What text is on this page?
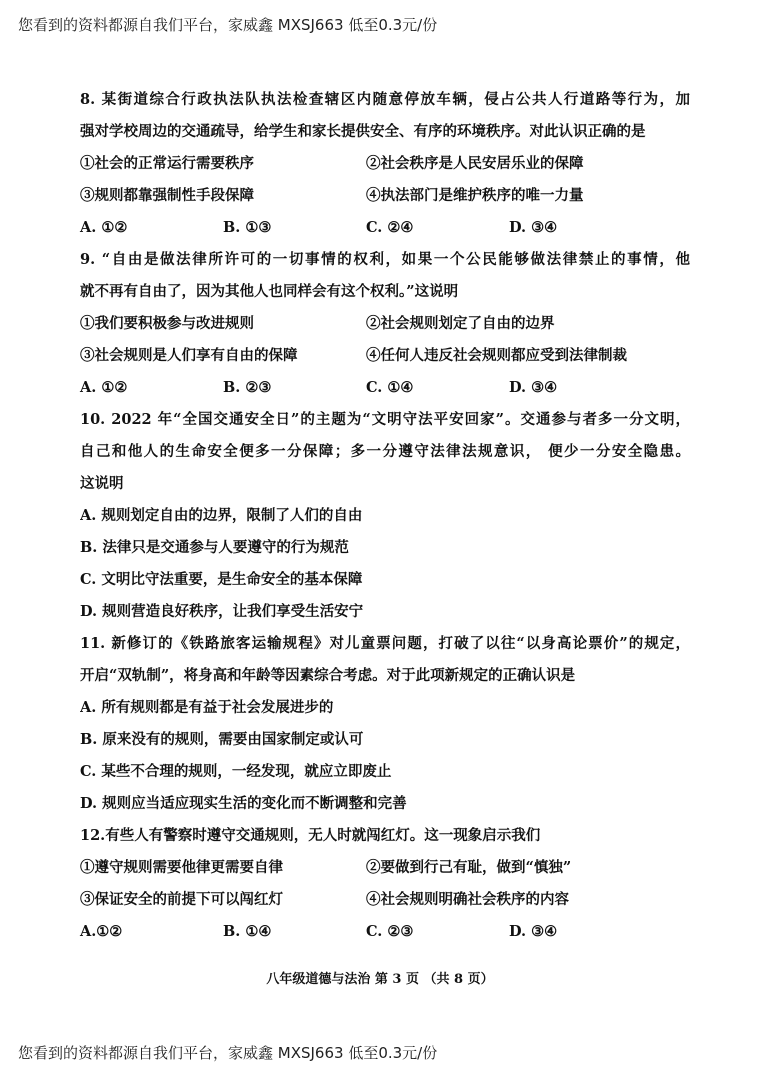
您看到的资料都源自我们平台，家威鑫 MXSJ663 低至0.3元/份
8. 某街道综合行政执法队执法检查辖区内随意停放车辆，侵占公共人行道路等行为，加
强对学校周边的交通疏导，给学生和家长提供安全、有序的环境秩序。对此认识正确的是
①社会的正常运行需要秩序	②社会秩序是人民安居乐业的保障
③规则都靠强制性手段保障	④执法部门是维护秩序的唯一力量
A. ①②	B. ①③	C. ②④	D. ③④
9. “自由是做法律所许可的一切事情的权利，如果一个公民能够做法律禁止的事情，他
就不再有自由了，因为其他人也同样会有这个权利。”这说明
①我们要积极参与改进规则	②社会规则划定了自由的边界
③社会规则是人们享有自由的保障	④任何人违反社会规则都应受到法律制裁
A. ①②	B. ②③	C. ①④	D. ③④
10. 2022 年“全国交通安全日”的主题为“文明守法平安回家”。交通参与者多一分文明，
自己和他人的生命安全便多一分保障；多一分遵守法律法规意识， 便少一分安全隐患。
这说明
A. 规则划定自由的边界，限制了人们的自由
B. 法律只是交通参与人要遵守的行为规范
C. 文明比守法重要，是生命安全的基本保障
D. 规则营造良好秩序，让我们享受生活安宁
11. 新修订的《铁路旅客运输规程》对儿童票问题，打破了以往“以身高论票价”的规定，
开启“双轨制”，将身高和年龄等因素综合考虑。对于此项新规定的正确认识是
A. 所有规则都是有益于社会发展进步的
B. 原来没有的规则，需要由国家制定或认可
C. 某些不合理的规则，一经发现，就应立即废止
D. 规则应当适应现实生活的变化而不断调整和完善
12.有些人有警察时遵守交通规则，无人时就闯红灯。这一现象启示我们
①遵守规则需要他律更需要自律	②要做到行己有耻，做到“慎独”
③保证安全的前提下可以闯红灯	④社会规则明确社会秩序的内容
A.①②	B. ①④	C. ②③	D. ③④
八年级道德与法治 第 3 页 （共 8 页）
您看到的资料都源自我们平台，家威鑫 MXSJ663 低至0.3元/份
